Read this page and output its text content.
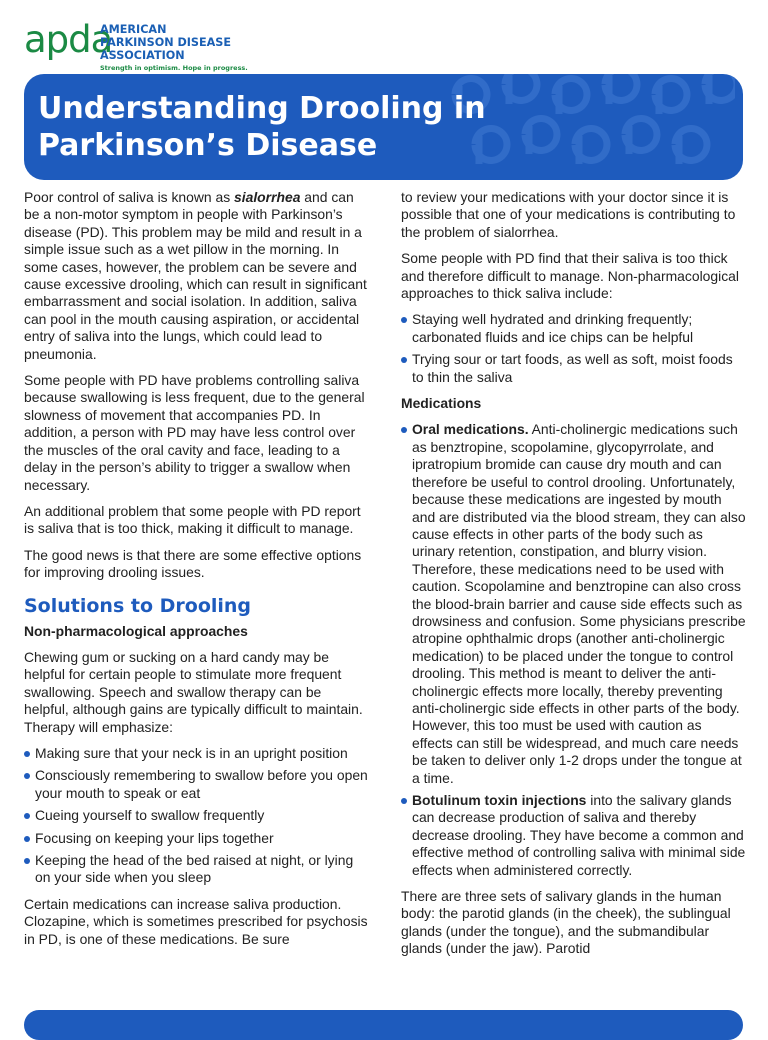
apda
AMERICAN
PARKINSON DISEASE
ASSOCIATION
Strength in optimism. Hope in progress.
Understanding Drooling in
Parkinson’s Disease

Poor control of saliva is known as sialorrhea and can be a non-motor symptom in people with Parkinson’s disease (PD). This problem may be mild and result in a simple issue such as a wet pillow in the morning. In some cases, however, the problem can be severe and cause excessive drooling, which can result in significant embarrassment and social isolation. In addition, saliva can pool in the mouth causing aspiration, or accidental entry of saliva into the lungs, which could lead to pneumonia.

Some people with PD have problems controlling saliva because swallowing is less frequent, due to the general slowness of movement that accompanies PD. In addition, a person with PD may have less control over the muscles of the oral cavity and face, leading to a delay in the person’s ability to trigger a swallow when necessary.

An additional problem that some people with PD report is saliva that is too thick, making it difficult to manage.

The good news is that there are some effective options for improving drooling issues.

Solutions to Drooling
Non-pharmacological approaches

Chewing gum or sucking on a hard candy may be helpful for certain people to stimulate more frequent swallowing. Speech and swallow therapy can be helpful, although gains are typically difficult to maintain. Therapy will emphasize:

Making sure that your neck is in an upright position
Consciously remembering to swallow before you open your mouth to speak or eat
Cueing yourself to swallow frequently
Focusing on keeping your lips together
Keeping the head of the bed raised at night, or lying on your side when you sleep

Certain medications can increase saliva production. Clozapine, which is sometimes prescribed for psychosis in PD, is one of these medications. Be sure

to review your medications with your doctor since it is possible that one of your medications is contributing to the problem of sialorrhea.

Some people with PD find that their saliva is too thick and therefore difficult to manage. Non-pharmacological approaches to thick saliva include:

Staying well hydrated and drinking frequently; carbonated fluids and ice chips can be helpful
Trying sour or tart foods, as well as soft, moist foods to thin the saliva
Medications
Oral medications. Anti-cholinergic medications such as benztropine, scopolamine, glycopyrrolate, and ipratropium bromide can cause dry mouth and can therefore be useful to control drooling. Unfortunately, because these medications are ingested by mouth and are distributed via the blood stream, they can also cause effects in other parts of the body such as urinary retention, constipation, and blurry vision. Therefore, these medications need to be used with caution. Scopolamine and benztropine can also cross the blood-brain barrier and cause side effects such as drowsiness and confusion. Some physicians prescribe atropine ophthalmic drops (another anti-cholinergic medication) to be placed under the tongue to control drooling. This method is meant to deliver the anti-cholinergic effects more locally, thereby preventing anti-cholinergic side effects in other parts of the body. However, this too must be used with caution as effects can still be widespread, and much care needs be taken to deliver only 1-2 drops under the tongue at a time.
Botulinum toxin injections into the salivary glands can decrease production of saliva and thereby decrease drooling. They have become a common and effective method of controlling saliva with minimal side effects when administered correctly.

There are three sets of salivary glands in the human body: the parotid glands (in the cheek), the sublingual glands (under the tongue), and the submandibular glands (under the jaw). Parotid
